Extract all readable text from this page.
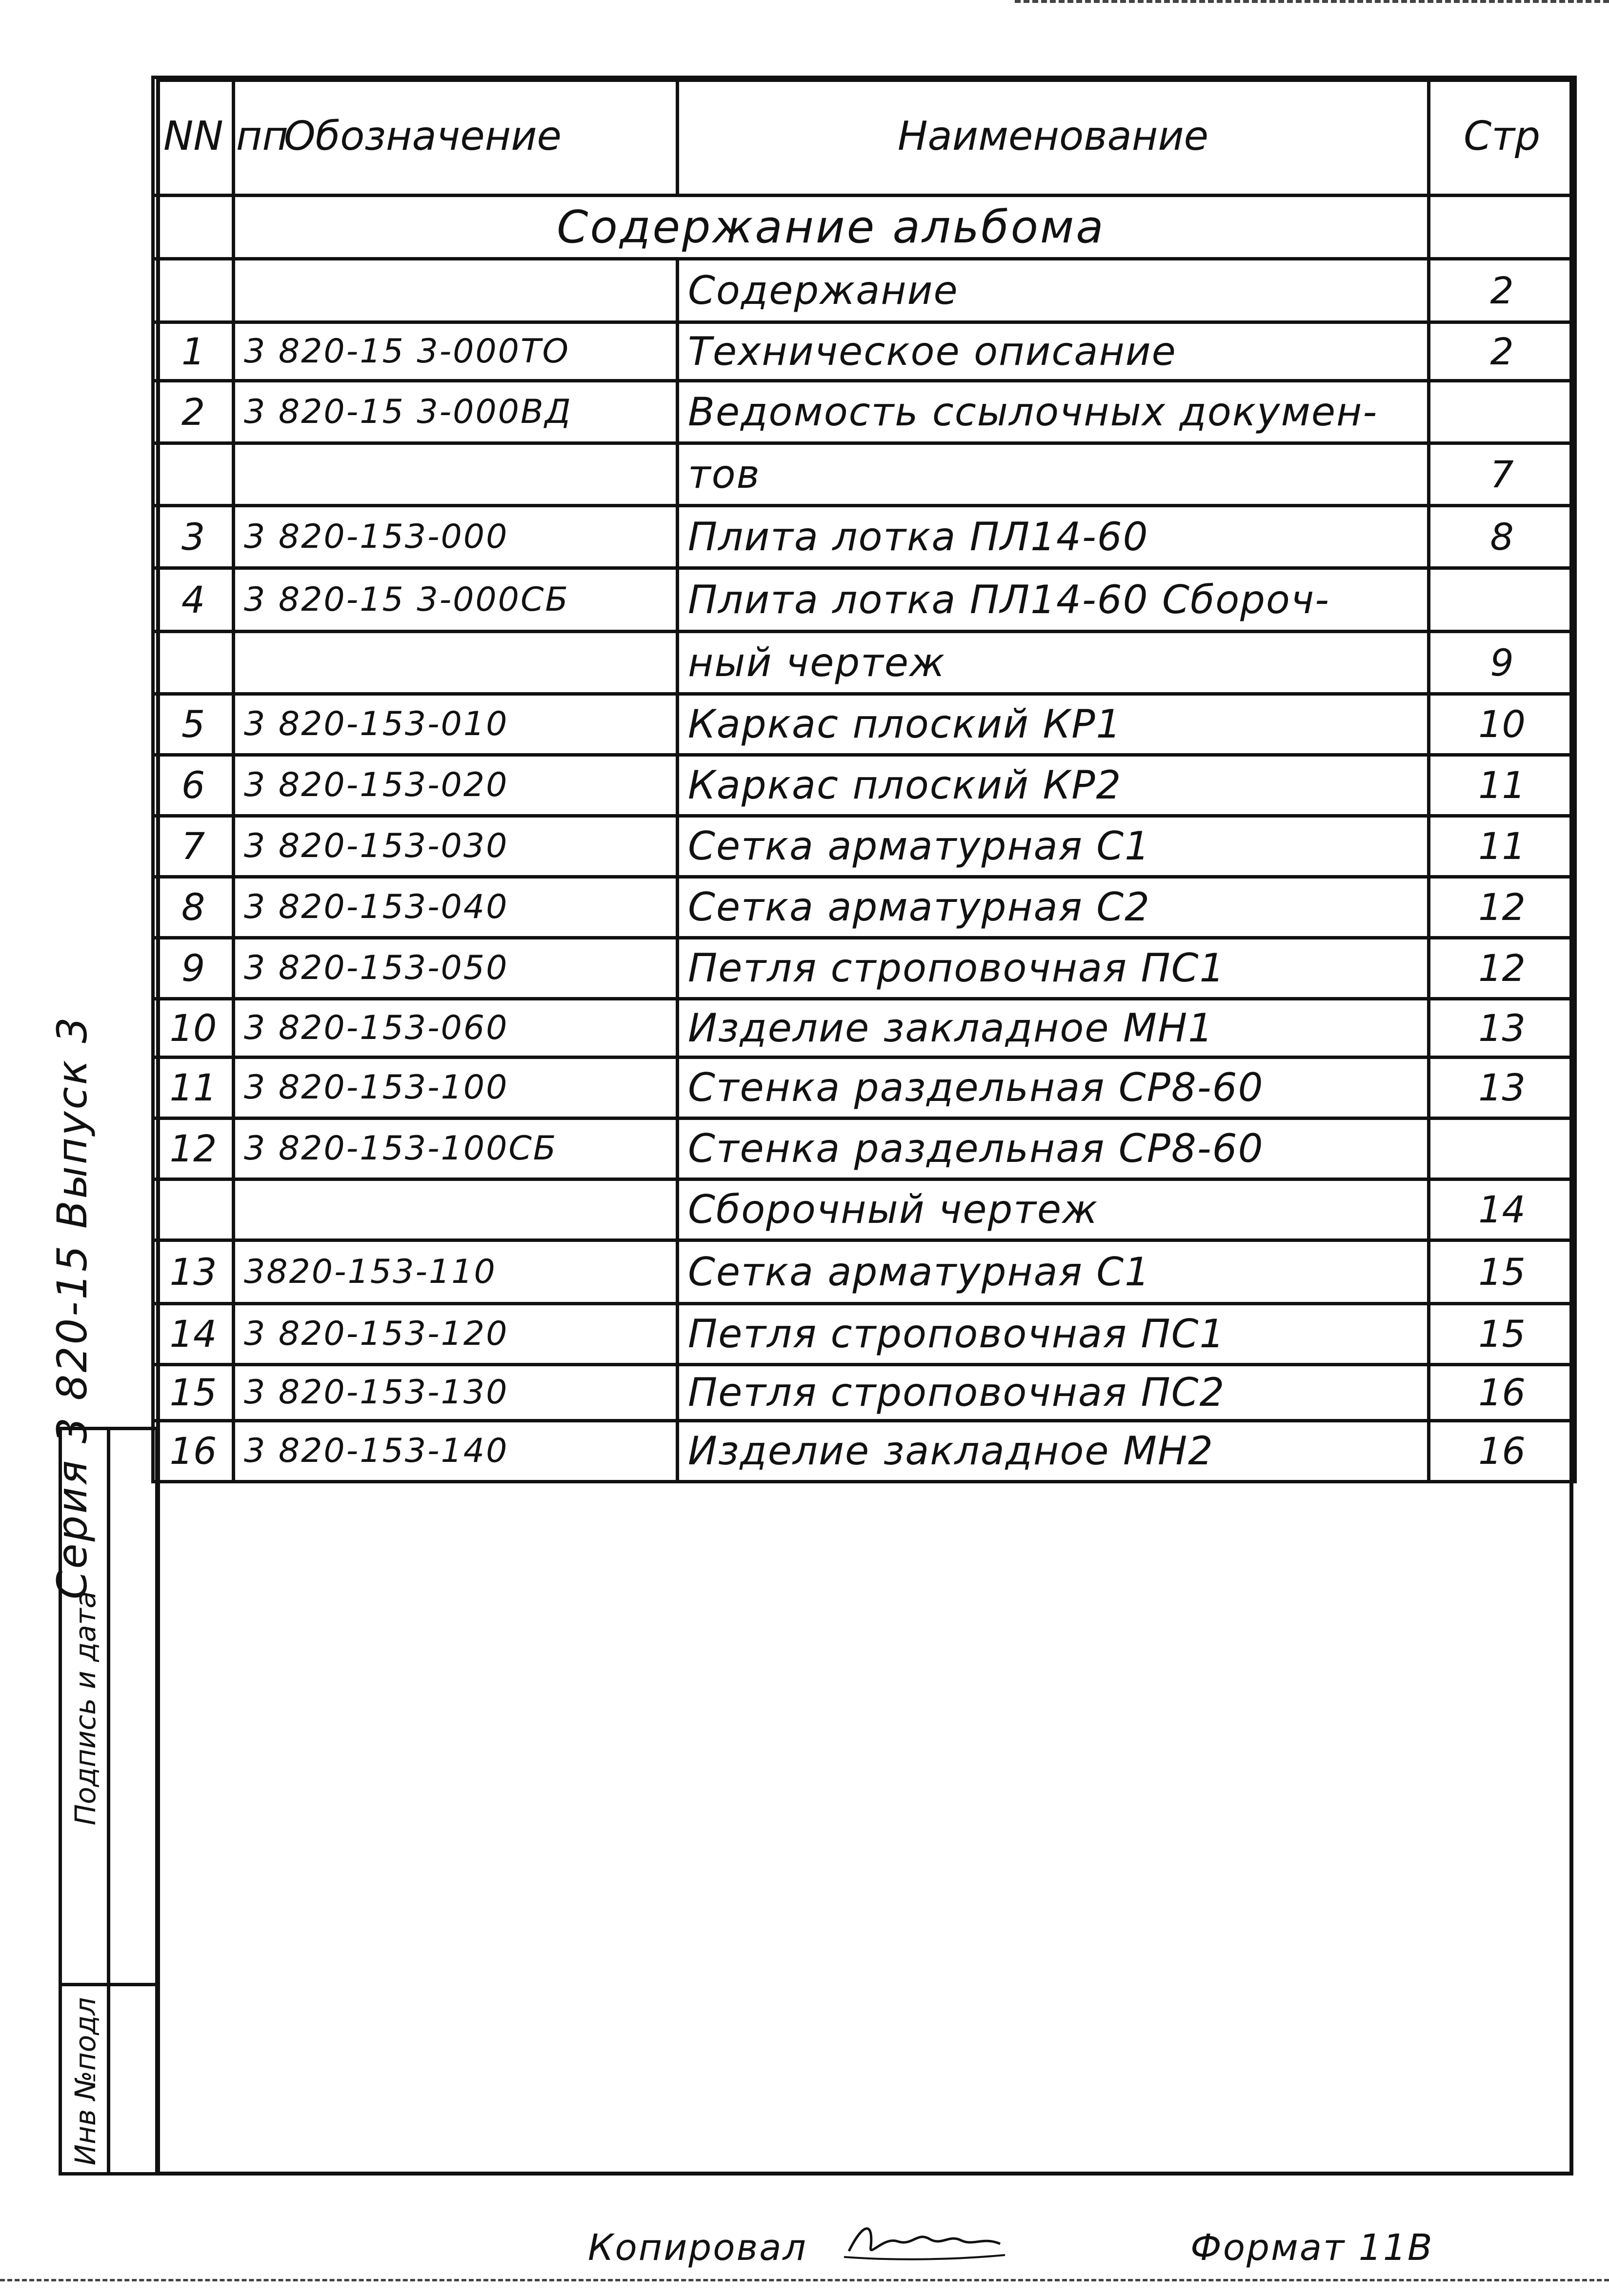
NN пп	Обозначение	Наименование	Стр
	Содержание альбома		
		Содержание	2
1	3 820-15 3-000ТО	Техническое описание	2
2	3 820-15 3-000ВД	Ведомость ссылочных докумен-	
		тов	7
3	3 820-153-000	Плита лотка ПЛ14-60	8
4	3 820-15 3-000СБ	Плита лотка ПЛ14-60 Сбороч-	
		ный чертеж	9
5	3 820-153-010	Каркас плоский КР1	10
6	3 820-153-020	Каркас плоский КР2	11
7	3 820-153-030	Сетка арматурная С1	11
8	3 820-153-040	Сетка арматурная С2	12
9	3 820-153-050	Петля строповочная ПС1	12
10	3 820-153-060	Изделие закладное МН1	13
11	3 820-153-100	Стенка раздельная СР8-60	13
12	3 820-153-100СБ	Стенка раздельная СР8-60	
		Сборочный чертеж	14
13	3820-153-110	Сетка арматурная С1	15
14	3 820-153-120	Петля строповочная ПС1	15
15	3 820-153-130	Петля строповочная ПС2	16
16	3 820-153-140	Изделие закладное МН2	16
Серия 3 820-15 Выпуск 3
Подпись и дата
Инв №подл
Копировал	Формат 11В
